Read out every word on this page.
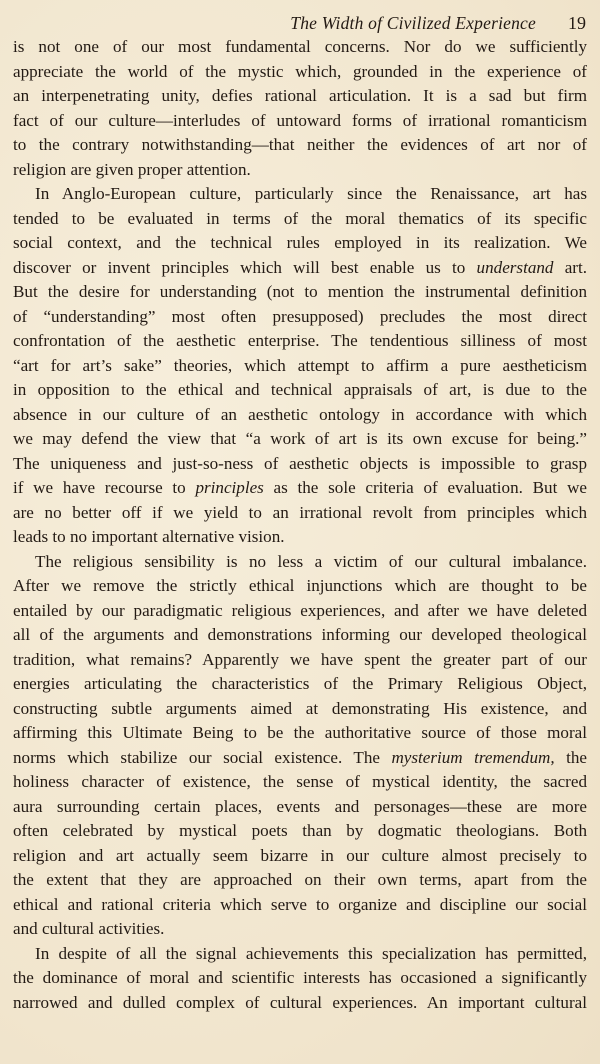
The Width of Civilized Experience 19
is not one of our most fundamental concerns. Nor do we sufficiently
appreciate the world of the mystic which, grounded in the experience of
an interpenetrating unity, defies rational articulation. It is a sad but firm
fact of our culture—interludes of untoward forms of irrational romanticism
to the contrary notwithstanding—that neither the evidences of art nor of
religion are given proper attention.
In Anglo-European culture, particularly since the Renaissance, art has
tended to be evaluated in terms of the moral thematics of its specific
social context, and the technical rules employed in its realization. We
discover or invent principles which will best enable us to understand art.
But the desire for understanding (not to mention the instrumental definition
of “understanding” most often presupposed) precludes the most direct
confrontation of the aesthetic enterprise. The tendentious silliness of most
“art for art’s sake” theories, which attempt to affirm a pure aestheticism
in opposition to the ethical and technical appraisals of art, is due to the
absence in our culture of an aesthetic ontology in accordance with which
we may defend the view that “a work of art is its own excuse for being.”
The uniqueness and just-so-ness of aesthetic objects is impossible to grasp
if we have recourse to principles as the sole criteria of evaluation. But we
are no better off if we yield to an irrational revolt from principles which
leads to no important alternative vision.
The religious sensibility is no less a victim of our cultural imbalance.
After we remove the strictly ethical injunctions which are thought to be
entailed by our paradigmatic religious experiences, and after we have deleted
all of the arguments and demonstrations informing our developed theological
tradition, what remains? Apparently we have spent the greater part of our
energies articulating the characteristics of the Primary Religious Object,
constructing subtle arguments aimed at demonstrating His existence, and
affirming this Ultimate Being to be the authoritative source of those moral
norms which stabilize our social existence. The mysterium tremendum, the
holiness character of existence, the sense of mystical identity, the sacred
aura surrounding certain places, events and personages—these are more
often celebrated by mystical poets than by dogmatic theologians. Both
religion and art actually seem bizarre in our culture almost precisely to
the extent that they are approached on their own terms, apart from the
ethical and rational criteria which serve to organize and discipline our social
and cultural activities.
In despite of all the signal achievements this specialization has permitted,
the dominance of moral and scientific interests has occasioned a significantly
narrowed and dulled complex of cultural experiences. An important cultural
